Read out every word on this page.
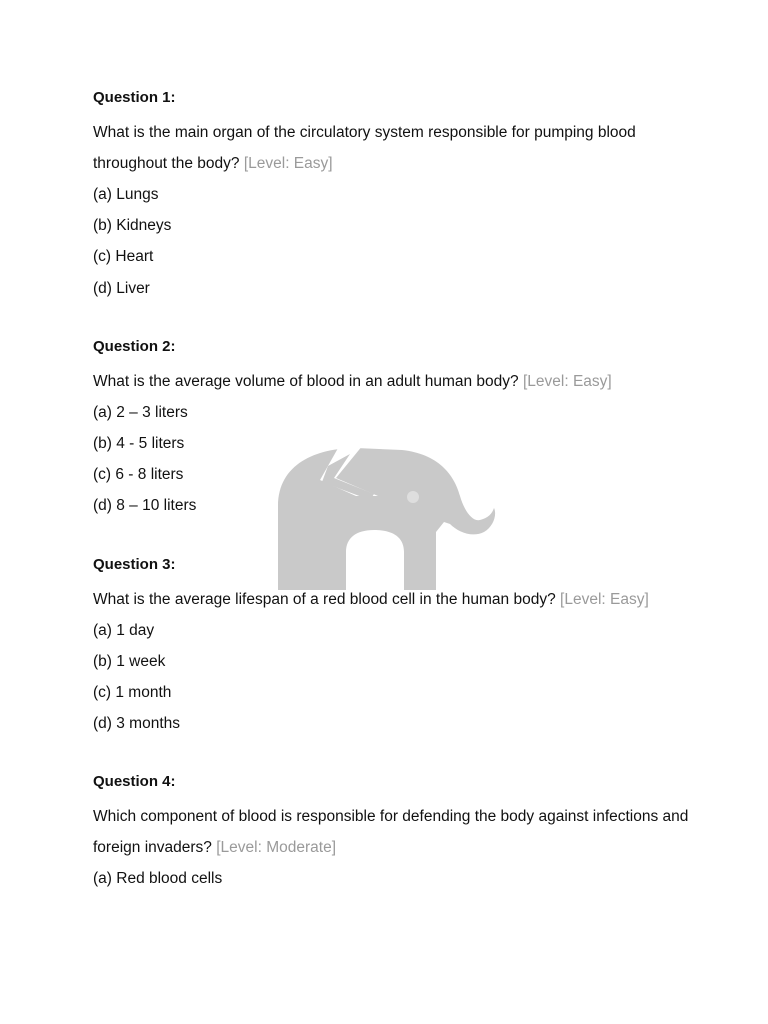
Question 1:

What is the main organ of the circulatory system responsible for pumping blood throughout the body? [Level: Easy]

(a) Lungs

(b) Kidneys

(c) Heart

(d) Liver

Question 2:

What is the average volume of blood in an adult human body? [Level: Easy]

(a) 2 – 3 liters

(b) 4 - 5 liters

(c) 6 - 8 liters

(d) 8 – 10 liters

Question 3:

What is the average lifespan of a red blood cell in the human body? [Level: Easy]

(a) 1 day

(b) 1 week

(c) 1 month

(d) 3 months

Question 4:

Which component of blood is responsible for defending the body against infections and foreign invaders? [Level: Moderate]

(a) Red blood cells
